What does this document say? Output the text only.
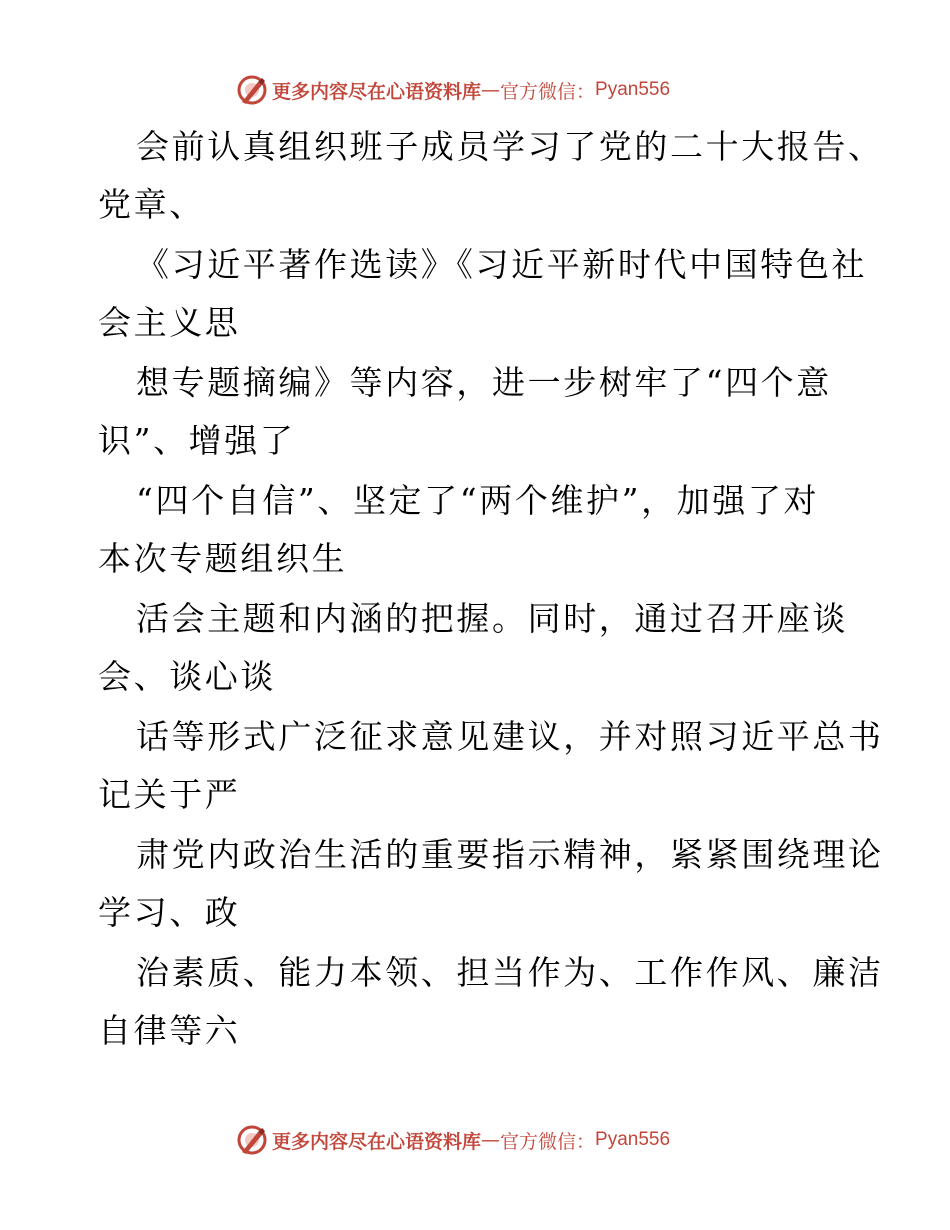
更多内容尽在心语资料库 — 官方微信： Pyan556
会前认真组织班子成员学习了党的二十大报告、
党章、
《习近平著作选读》《习近平新时代中国特色社
会主义思
想专题摘编》等内容，进一步树牢了“四个意
识”、增强了
“四个自信”、坚定了“两个维护”，加强了对
本次专题组织生
活会主题和内涵的把握。同时，通过召开座谈
会、谈心谈
话等形式广泛征求意见建议，并对照习近平总书
记关于严
肃党内政治生活的重要指示精神，紧紧围绕理论
学习、政
治素质、能力本领、担当作为、工作作风、廉洁
自律等六
更多内容尽在心语资料库 — 官方微信： Pyan556
